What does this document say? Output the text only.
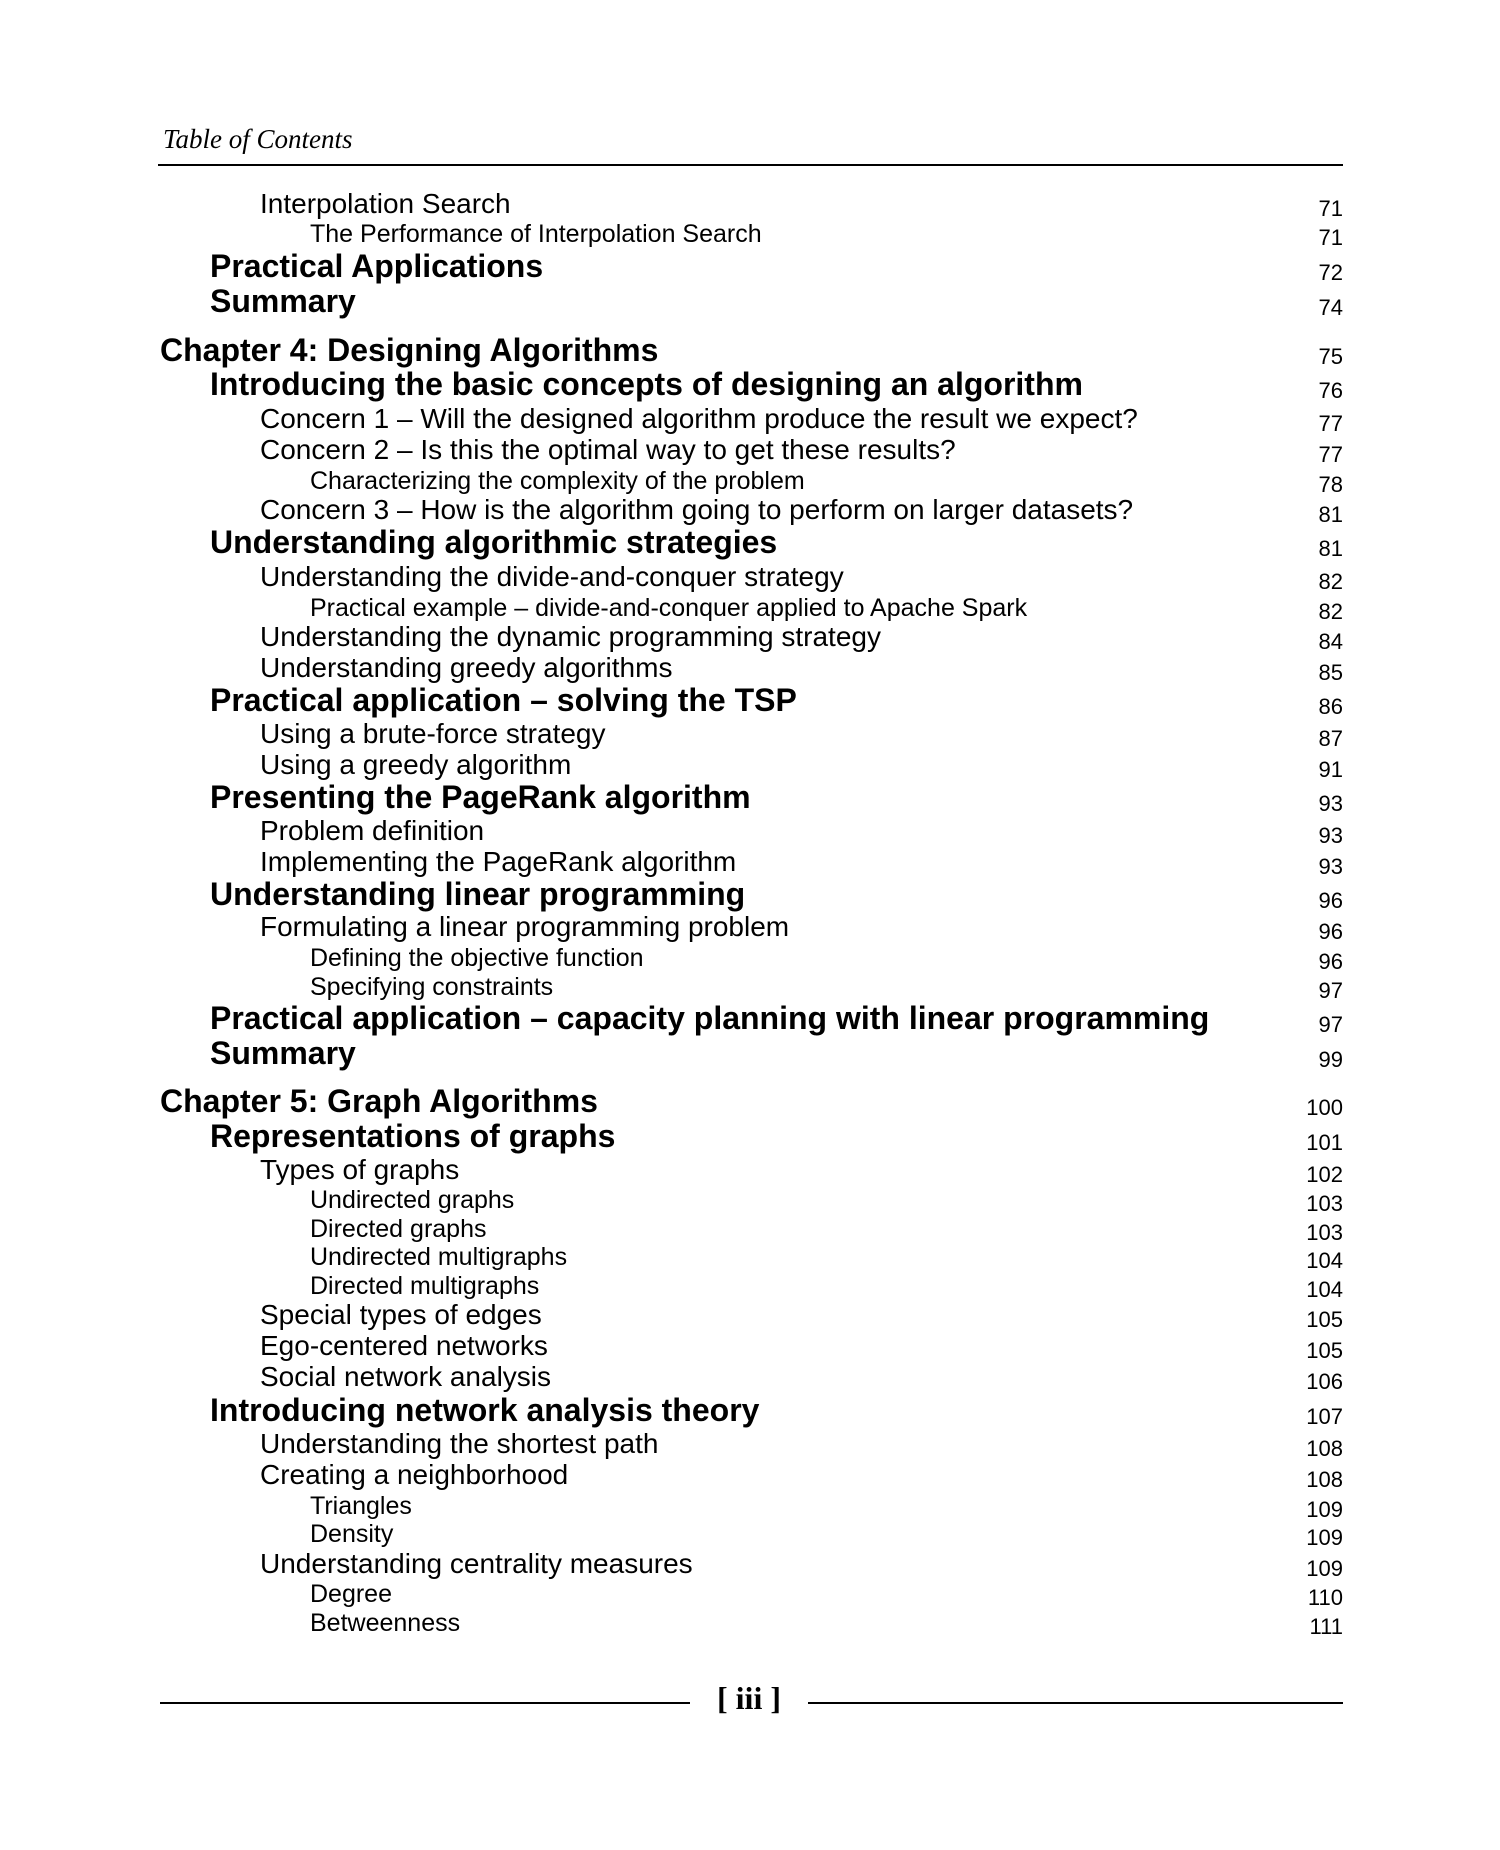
Table of Contents
Interpolation Search	71
The Performance of Interpolation Search	71
Practical Applications	72
Summary	74
Chapter 4: Designing Algorithms	75
Introducing the basic concepts of designing an algorithm	76
Concern 1 – Will the designed algorithm produce the result we expect?	77
Concern 2 – Is this the optimal way to get these results?	77
Characterizing the complexity of the problem	78
Concern 3 – How is the algorithm going to perform on larger datasets?	81
Understanding algorithmic strategies	81
Understanding the divide-and-conquer strategy	82
Practical example – divide-and-conquer applied to Apache Spark	82
Understanding the dynamic programming strategy	84
Understanding greedy algorithms	85
Practical application – solving the TSP	86
Using a brute-force strategy	87
Using a greedy algorithm	91
Presenting the PageRank algorithm	93
Problem definition	93
Implementing the PageRank algorithm	93
Understanding linear programming	96
Formulating a linear programming problem	96
Defining the objective function	96
Specifying constraints	97
Practical application – capacity planning with linear programming	97
Summary	99
Chapter 5: Graph Algorithms	100
Representations of graphs	101
Types of graphs	102
Undirected graphs	103
Directed graphs	103
Undirected multigraphs	104
Directed multigraphs	104
Special types of edges	105
Ego-centered networks	105
Social network analysis	106
Introducing network analysis theory	107
Understanding the shortest path	108
Creating a neighborhood	108
Triangles	109
Density	109
Understanding centrality measures	109
Degree	110
Betweenness	111
[ iii ]
